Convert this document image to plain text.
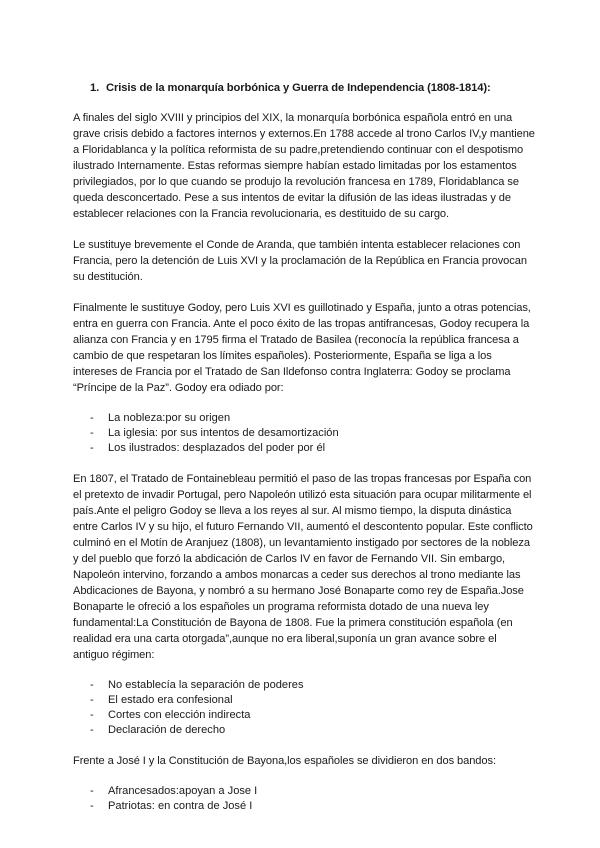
1. Crisis de la monarquía borbónica y Guerra de Independencia (1808-1814):

A finales del siglo XVIII y principios del XIX, la monarquía borbónica española entró en una grave crisis debido a factores internos y externos.En 1788 accede al trono Carlos IV,y mantiene a Floridablanca y la política reformista de su padre,pretendiendo continuar con el despotismo ilustrado Internamente. Estas reformas siempre habían estado limitadas por los estamentos privilegiados, por lo que cuando se produjo la revolución francesa en 1789, Floridablanca se queda desconcertado. Pese a sus intentos de evitar la difusión de las ideas ilustradas y de establecer relaciones con la Francia revolucionaria, es destituido de su cargo.

Le sustituye brevemente el Conde de Aranda, que también intenta establecer relaciones con Francia, pero la detención de Luis XVI y la proclamación de la República en Francia provocan su destitución.

Finalmente le sustituye Godoy, pero Luis XVI es guillotinado y España, junto a otras potencias, entra en guerra con Francia. Ante el poco éxito de las tropas antifrancesas, Godoy recupera la alianza con Francia y en 1795 firma el Tratado de Basilea (reconocía la república francesa a cambio de que respetaran los límites españoles). Posteriormente, España se liga a los intereses de Francia por el Tratado de San Ildefonso contra Inglaterra: Godoy se proclama “Príncipe de la Paz”. Godoy era odiado por:

- La nobleza:por su origen
- La iglesia: por sus intentos de desamortización
- Los ilustrados: desplazados del poder por él

En 1807, el Tratado de Fontainebleau permitió el paso de las tropas francesas por España con el pretexto de invadir Portugal, pero Napoleón utilizó esta situación para ocupar militarmente el país.Ante el peligro Godoy se lleva a los reyes al sur. Al mismo tiempo, la disputa dinástica entre Carlos IV y su hijo, el futuro Fernando VII, aumentó el descontento popular. Este conflicto culminó en el Motín de Aranjuez (1808), un levantamiento instigado por sectores de la nobleza y del pueblo que forzó la abdicación de Carlos IV en favor de Fernando VII. Sin embargo, Napoleón intervino, forzando a ambos monarcas a ceder sus derechos al trono mediante las Abdicaciones de Bayona, y nombró a su hermano José Bonaparte como rey de España.Jose Bonaparte le ofreció a los españoles un programa reformista dotado de una nueva ley fundamental:La Constitución de Bayona de 1808. Fue la primera constitución española (en realidad era una carta otorgada”,aunque no era liberal,suponía un gran avance sobre el antiguo régimen:

- No establecía la separación de poderes
- El estado era confesional
- Cortes con elección indirecta
- Declaración de derecho

Frente a José I y la Constitución de Bayona,los españoles se dividieron en dos bandos:

- Afrancesados:apoyan a Jose I
- Patriotas: en contra de José I
